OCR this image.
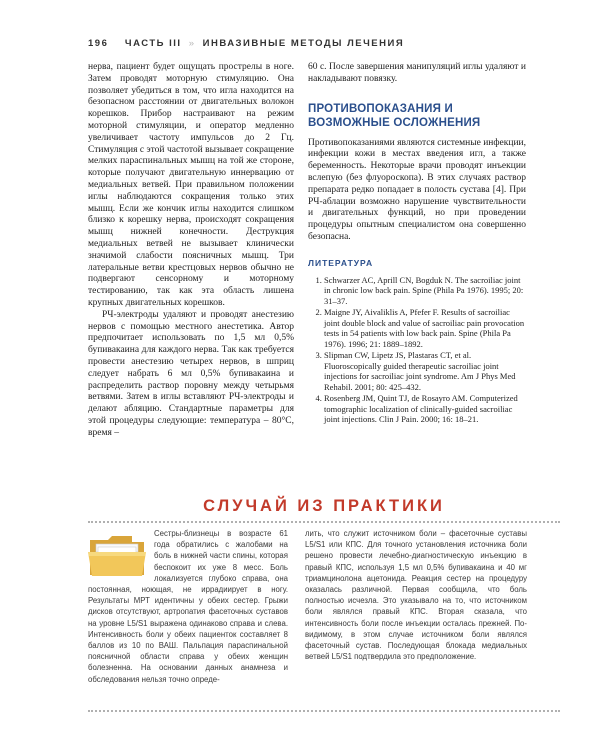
196 ЧАСТЬ III » ИНВАЗИВНЫЕ МЕТОДЫ ЛЕЧЕНИЯ

нерва, пациент будет ощущать прострелы в ноге. Затем проводят моторную стимуляцию. Она позволяет убедиться в том, что игла находится на безопасном расстоянии от двигательных волокон корешков. Прибор настраивают на режим моторной стимуляции, и оператор медленно увеличивает частоту импульсов до 2 Гц. Стимуляция с этой частотой вызывает сокращение мелких параспинальных мышц на той же стороне, которые получают двигательную иннервацию от медиальных ветвей. При правильном положении иглы наблюдаются сокращения только этих мышц. Если же кончик иглы находится слишком близко к корешку нерва, происходят сокращения мышц нижней конечности. Деструкция медиальных ветвей не вызывает клинически значимой слабости поясничных мышц. Три латеральные ветви крестцовых нервов обычно не подвергают сенсорному и моторному тестированию, так как эта область лишена крупных двигательных корешков.

РЧ-электроды удаляют и проводят анестезию нервов с помощью местного анестетика. Автор предпочитает использовать по 1,5 мл 0,5% бупивакаина для каждого нерва. Так как требуется провести анестезию четырех нервов, в шприц следует набрать 6 мл 0,5% бупивакаина и распределить раствор поровну между четырьмя ветвями. Затем в иглы вставляют РЧ-электроды и делают абляцию. Стандартные параметры для этой процедуры следующие: температура – 80°С, время –

60 с. После завершения манипуляций иглы удаляют и накладывают повязку.

ПРОТИВОПОКАЗАНИЯ И ВОЗМОЖНЫЕ ОСЛОЖНЕНИЯ

Противопоказаниями являются системные инфекции, инфекции кожи в местах введения игл, а также беременность. Некоторые врачи проводят инъекции вслепую (без флуороскопа). В этих случаях раствор препарата редко попадает в полость сустава [4]. При РЧ-аблации возможно нарушение чувствительности и двигательных функций, но при проведении процедуры опытным специалистом она совершенно безопасна.

ЛИТЕРАТУРА
1. Schwarzer AC, Aprill CN, Bogduk N. The sacroiliac joint in chronic low back pain. Spine (Phila Pa 1976). 1995; 20: 31–37.
2. Maigne JY, Aivaliklis A, Pfefer F. Results of sacroiliac joint double block and value of sacroiliac pain provocation tests in 54 patients with low back pain. Spine (Phila Pa 1976). 1996; 21: 1889–1892.
3. Slipman CW, Lipetz JS, Plastaras CT, et al. Fluoroscopically guided therapeutic sacroiliac joint injections for sacroiliac joint syndrome. Am J Phys Med Rehabil. 2001; 80: 425–432.
4. Rosenberg JM, Quint TJ, de Rosayro AM. Computerized tomographic localization of clinically-guided sacroiliac joint injections. Clin J Pain. 2000; 16: 18–21.
СЛУЧАЙ ИЗ ПРАКТИКИ

Сестры-близнецы в возрасте 61 года обратились с жалобами на боль в нижней части спины, которая беспокоит их уже 8 месс. Боль локализуется глубоко справа, она постоянная, ноющая, не иррадиирует в ногу. Результаты МРТ идентичны у обеих сестер. Грыжи дисков отсутствуют, артропатия фасеточных суставов на уровне L5/S1 выражена одинаково справа и слева. Интенсивность боли у обеих пациенток составляет 8 баллов из 10 по ВАШ. Пальпация параспинальной поясничной области справа у обеих женщин болезненна. На основании данных анамнеза и обследования нельзя точно опреде-

лить, что служит источником боли – фасеточные суставы L5/S1 или КПС. Для точного установления источника боли решено провести лечебно-диагностическую инъекцию в правый КПС, используя 1,5 мл 0,5% бупивакаина и 40 мг триамцинолона ацетонида. Реакция сестер на процедуру оказалась различной. Первая сообщила, что боль полностью исчезла. Это указывало на то, что источником боли являлся правый КПС. Вторая сказала, что интенсивность боли после инъекции осталась прежней. По-видимому, в этом случае источником боли являлся фасеточный сустав. Последующая блокада медиальных ветвей L5/S1 подтвердила это предположение.
